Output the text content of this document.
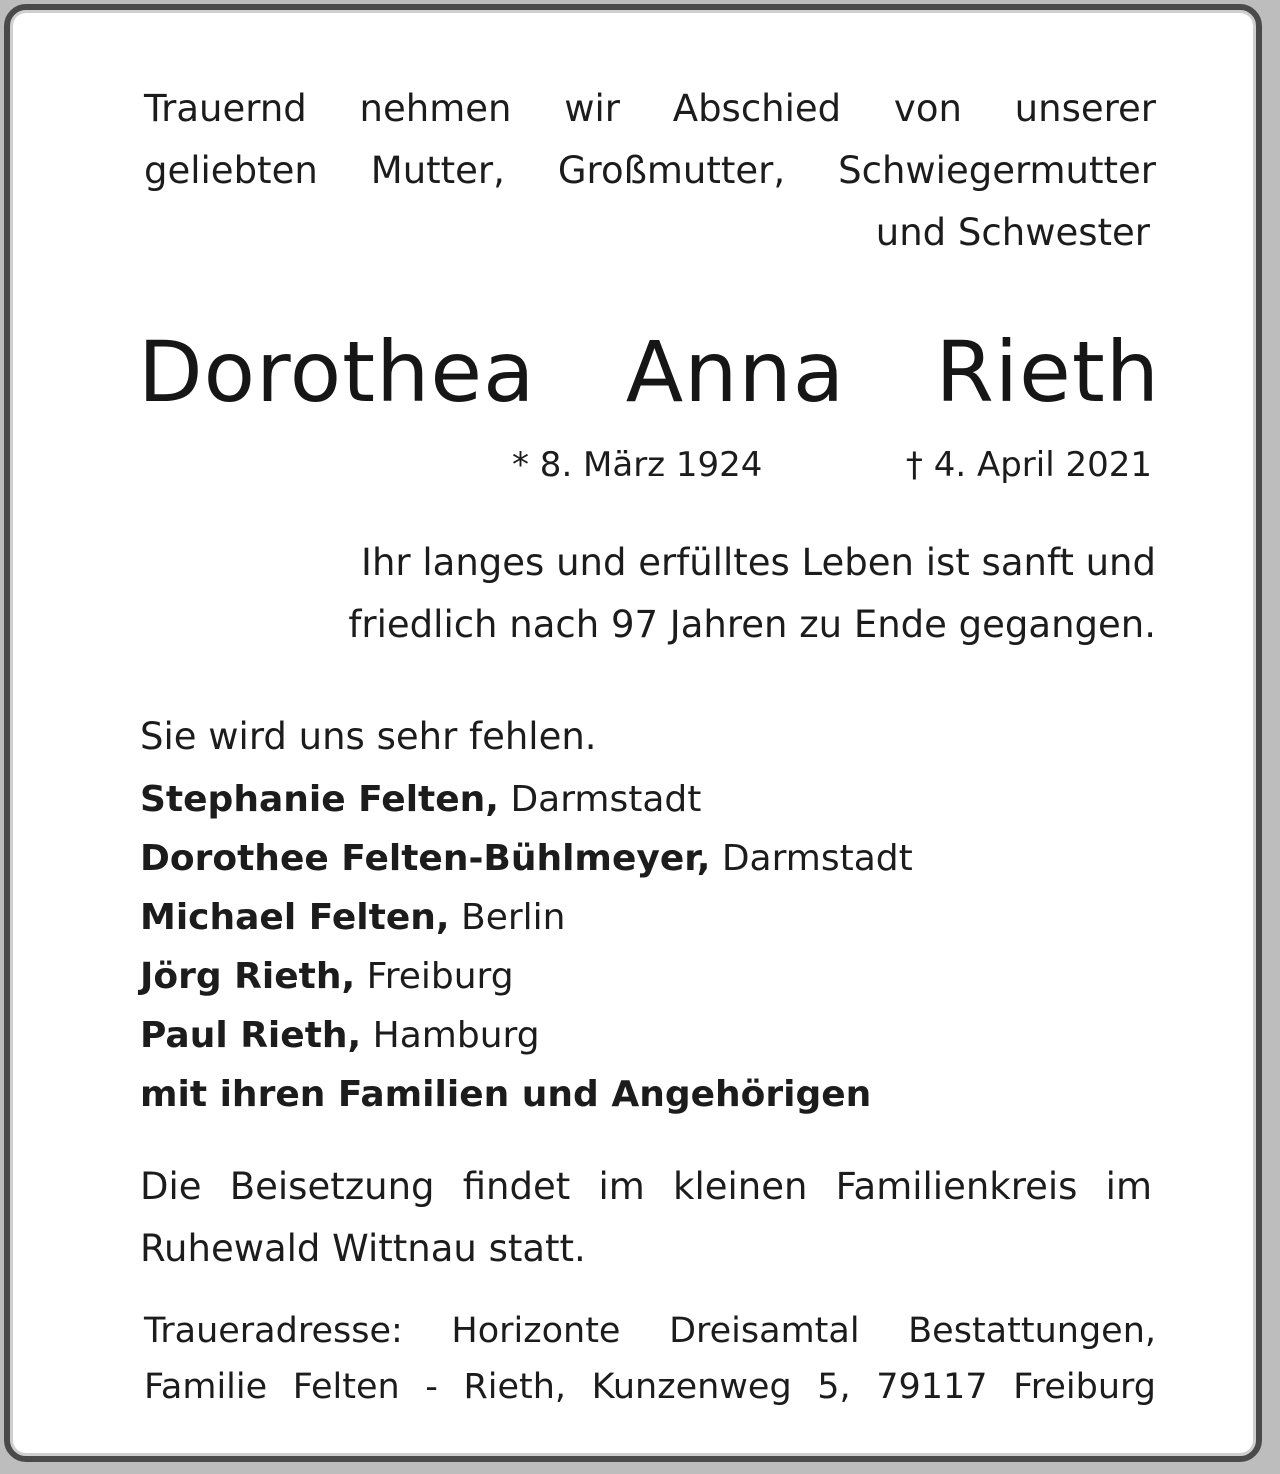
Trauernd nehmen wir Abschied von unserer
geliebten Mutter, Großmutter, Schwiegermutter
und Schwester
Dorothea Anna Rieth
* 8. März 1924	† 4. April 2021
Ihr langes und erfülltes Leben ist sanft und
friedlich nach 97 Jahren zu Ende gegangen.
Sie wird uns sehr fehlen.
Stephanie Felten, Darmstadt
Dorothee Felten-Bühlmeyer, Darmstadt
Michael Felten, Berlin
Jörg Rieth, Freiburg
Paul Rieth, Hamburg
mit ihren Familien und Angehörigen
Die Beisetzung findet im kleinen Familienkreis im
Ruhewald Wittnau statt.
Traueradresse: Horizonte Dreisamtal Bestattungen,
Familie Felten - Rieth, Kunzenweg 5, 79117 Freiburg
